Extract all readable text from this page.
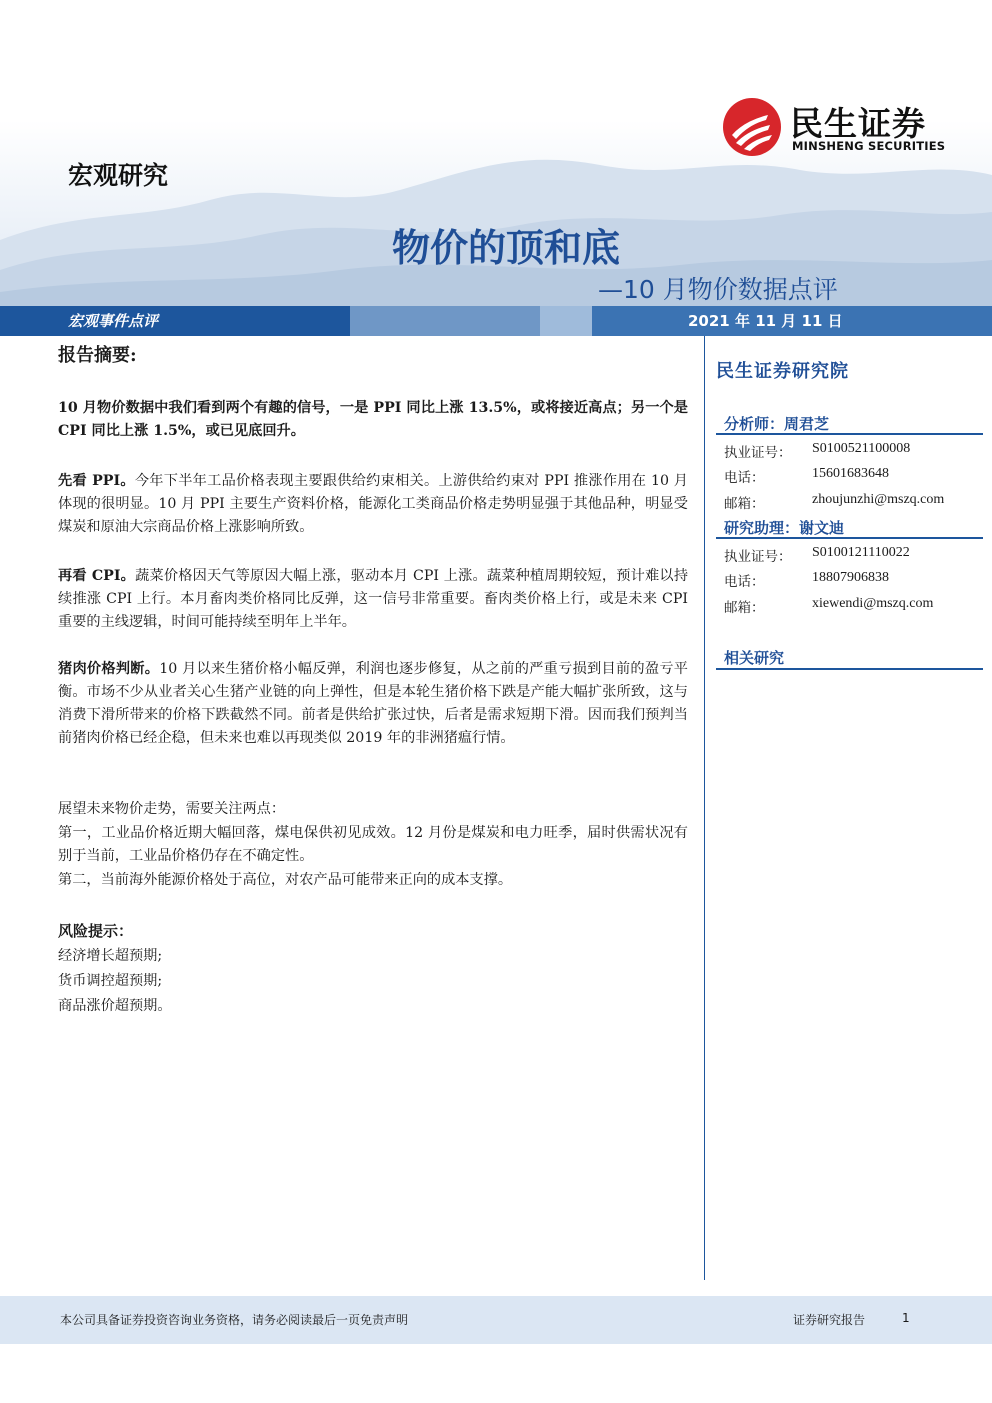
民生证券
MINSHENG SECURITIES
宏观研究
物价的顶和底
—10 月物价数据点评
宏观事件点评	2021 年 11 月 11 日
报告摘要:

10 月物价数据中我们看到两个有趣的信号，一是 PPI 同比上涨 13.5%，或将接近高点；另一个是 CPI 同比上涨 1.5%，或已见底回升。

先看 PPI。今年下半年工品价格表现主要跟供给约束相关。上游供给约束对 PPI 推涨作用在 10 月体现的很明显。10 月 PPI 主要生产资料价格，能源化工类商品价格走势明显强于其他品种，明显受煤炭和原油大宗商品价格上涨影响所致。

再看 CPI。蔬菜价格因天气等原因大幅上涨，驱动本月 CPI 上涨。蔬菜种植周期较短，预计难以持续推涨 CPI 上行。本月畜肉类价格同比反弹，这一信号非常重要。畜肉类价格上行，或是未来 CPI 重要的主线逻辑，时间可能持续至明年上半年。

猪肉价格判断。10 月以来生猪价格小幅反弹，利润也逐步修复，从之前的严重亏损到目前的盈亏平衡。市场不少从业者关心生猪产业链的向上弹性，但是本轮生猪价格下跌是产能大幅扩张所致，这与消费下滑所带来的价格下跌截然不同。前者是供给扩张过快，后者是需求短期下滑。因而我们预判当前猪肉价格已经企稳，但未来也难以再现类似 2019 年的非洲猪瘟行情。

展望未来物价走势，需要关注两点：

第一，工业品价格近期大幅回落，煤电保供初见成效。12 月份是煤炭和电力旺季，届时供需状况有别于当前，工业品价格仍存在不确定性。

第二，当前海外能源价格处于高位，对农产品可能带来正向的成本支撑。

风险提示：

经济增长超预期;

货币调控超预期;

商品涨价超预期。

民生证券研究院
分析师：周君芝
执业证号： S0100521100008
电话：	15601683648
邮箱：	zhoujunzhi@mszq.com
研究助理：谢文迪
执业证号： S0100121110022
电话：	18807906838
邮箱：	xiewendi@mszq.com
相关研究
本公司具备证券投资咨询业务资格，请务必阅读最后一页免责声明	证券研究报告	1
